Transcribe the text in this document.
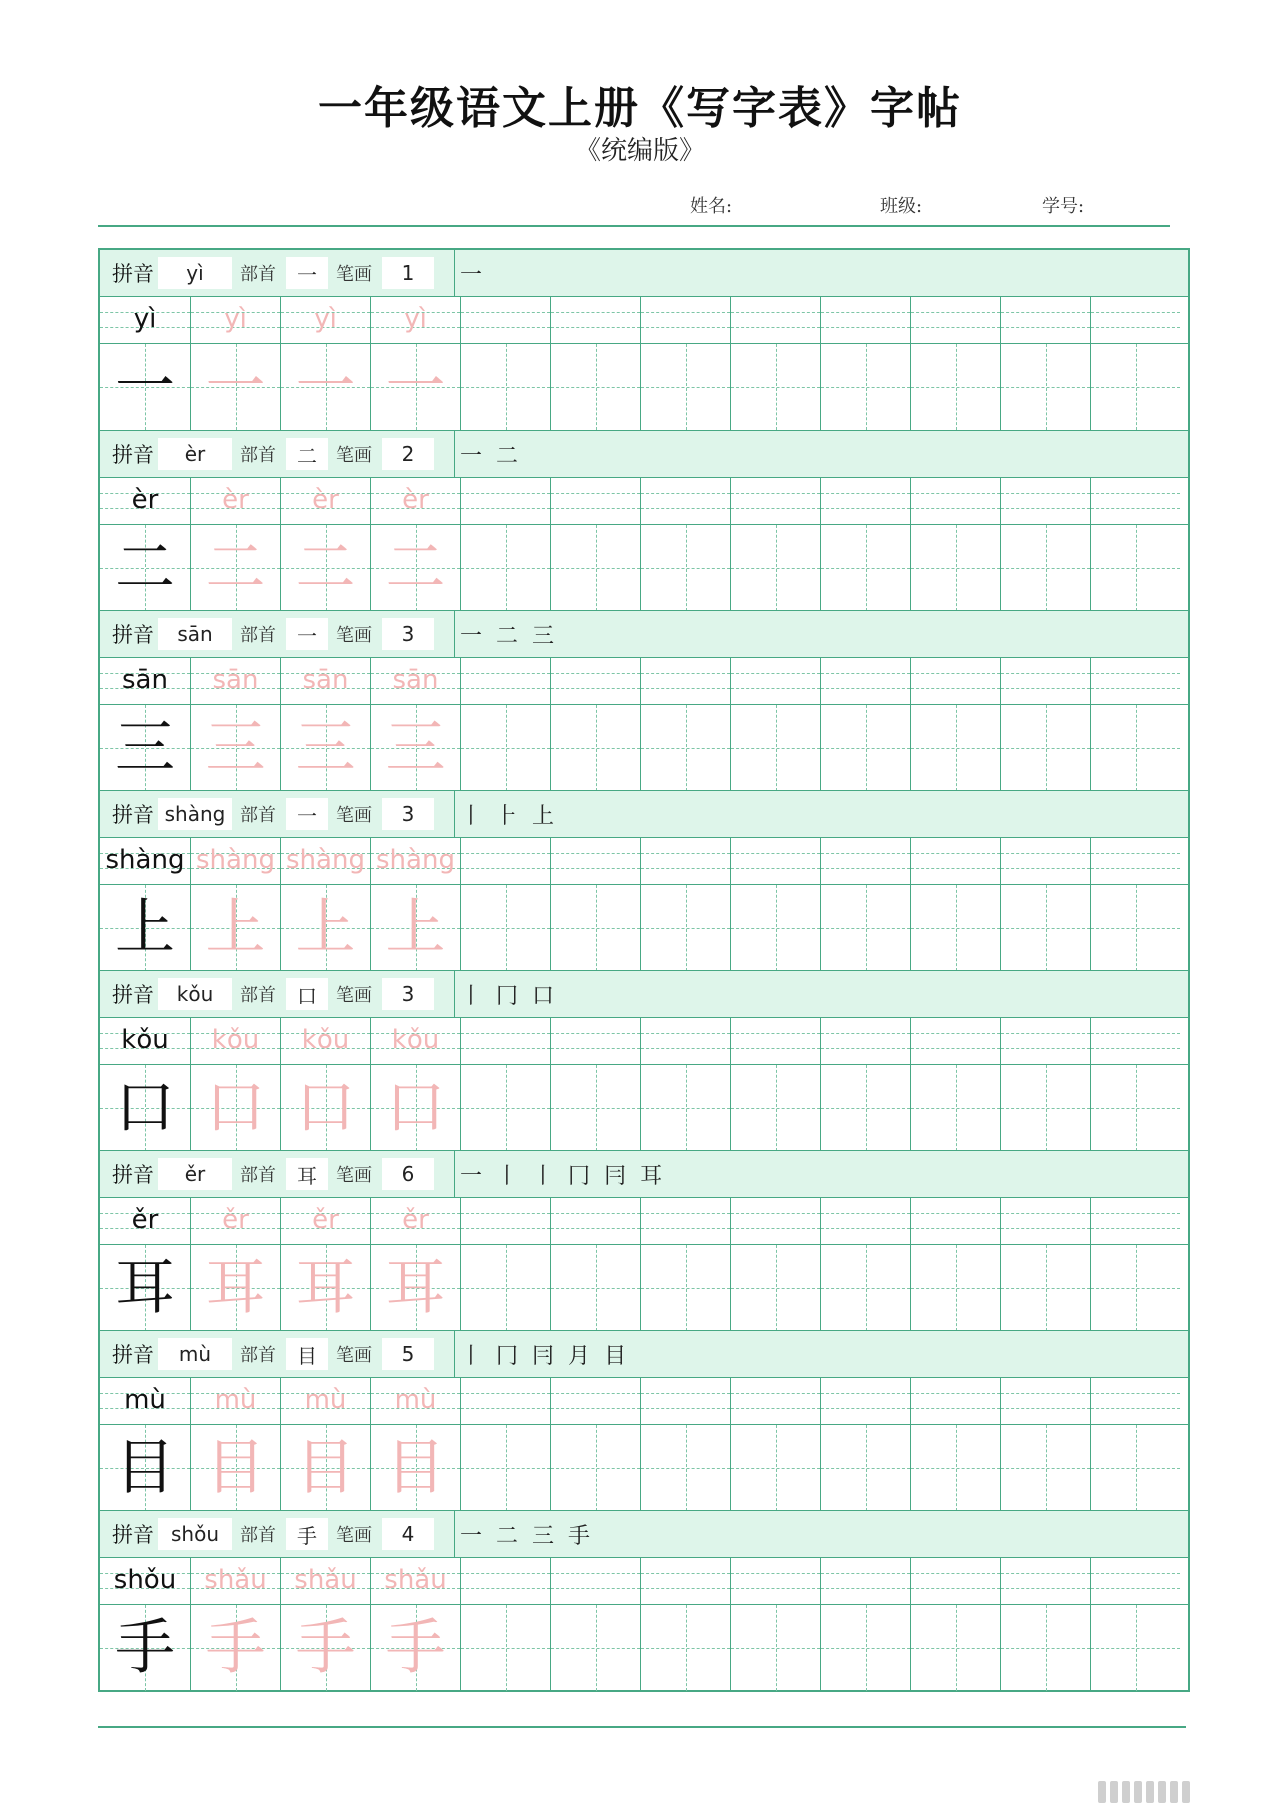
一年级语文上册《写字表》字帖
《统编版》
姓名:	班级:	学号:
拼音	yì	部首	一	笔画	1	一
yì	yì	yì	yì
一 一 一 一
拼音	èr	部首	二	笔画	2	一 二
èr	èr	èr	èr
二 二 二 二
拼音	sān	部首	一	笔画	3	一 二 三
sān	sān	sān	sān
三 三 三 三
拼音 shàng 部首	一	笔画	3	丨 ⺊ 上
shàng shàng shàng shàng
上 上 上 上
拼音	kǒu	部首	口	笔画	3	丨 冂 口
kǒu	kǒu	kǒu	kǒu
口 口 口 口
拼音	ěr	部首	耳	笔画	6	一 丨 丨 冂 冃 耳
ěr	ěr	ěr	ěr
耳 耳 耳 耳
拼音	mù	部首	目	笔画	5	丨 冂 冃 月 目
mù	mù	mù	mù
目 目 目 目
拼音 shǒu	部首	手	笔画	4	一 二 三 手
shǒu	shǎu	shǎu	shǎu
手 手 手 手
